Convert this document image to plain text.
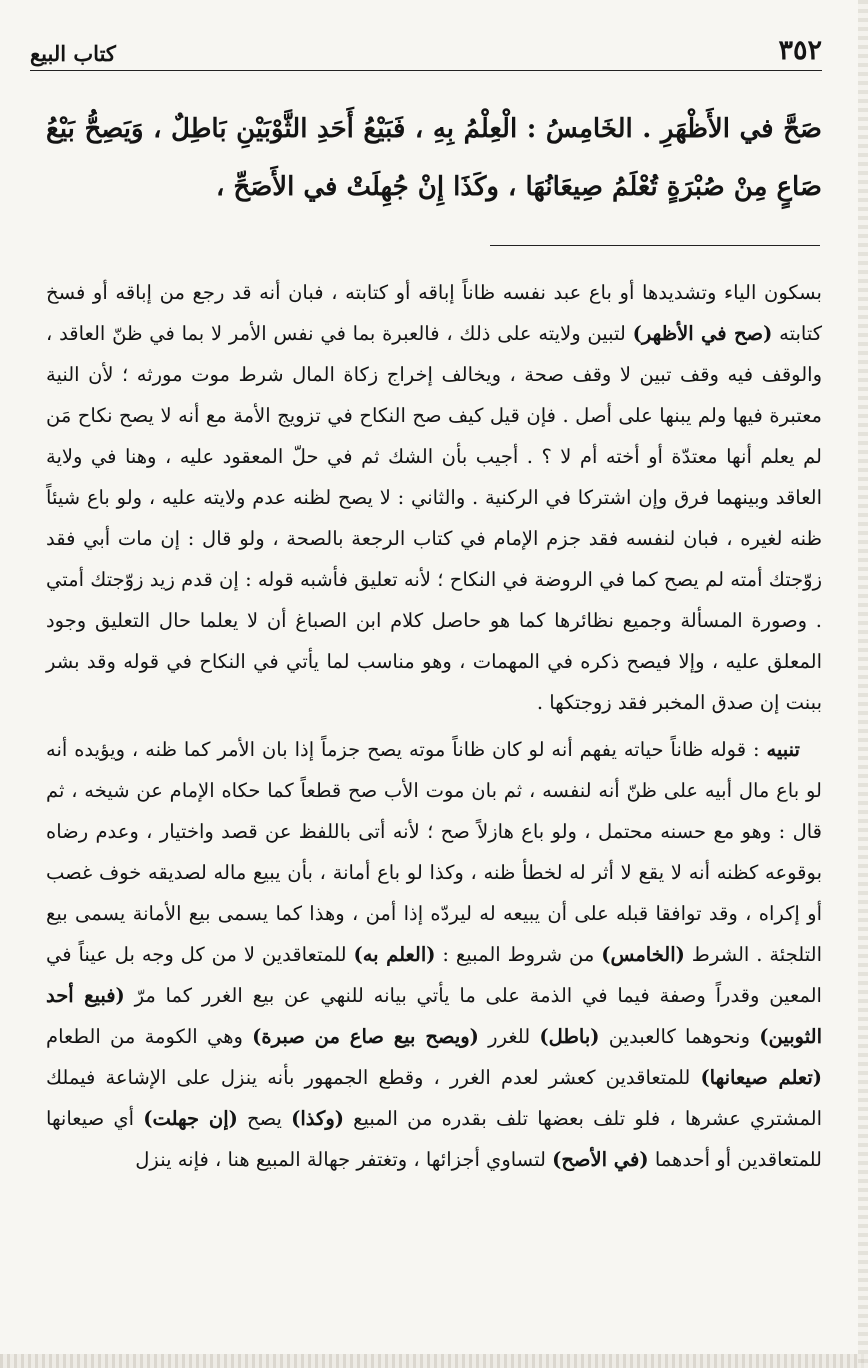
٣٥٢
كتاب البيع

صَحَّ في الأَظْهَرِ . الخَامِسُ : الْعِلْمُ بِهِ ، فَبَيْعُ أَحَدِ الثَّوْبَيْنِ بَاطِلٌ ، وَيَصِحُّ بَيْعُ صَاعٍ مِنْ صُبْرَةٍ تُعْلَمُ صِيعَانُهَا ، وكَذَا إِنْ جُهِلَتْ في الأَصَحِّ ،

بسكون الياء وتشديدها أو باع عبد نفسه ظاناً إباقه أو كتابته ، فبان أنه قد رجع من إباقه أو فسخ كتابته (صح في الأظهر) لتبين ولايته على ذلك ، فالعبرة بما في نفس الأمر لا بما في ظنّ العاقد ، والوقف فيه وقف تبين لا وقف صحة ، ويخالف إخراج زكاة المال شرط موت مورثه ؛ لأن النية معتبرة فيها ولم يبنها على أصل . فإن قيل كيف صح النكاح في تزويج الأمة مع أنه لا يصح نكاح مَن لم يعلم أنها معتدّة أو أخته أم لا ؟ . أجيب بأن الشك ثم في حلّ المعقود عليه ، وهنا في ولاية العاقد وبينهما فرق وإن اشتركا في الركنية . والثاني : لا يصح لظنه عدم ولايته عليه ، ولو باع شيئاً ظنه لغيره ، فبان لنفسه فقد جزم الإمام في كتاب الرجعة بالصحة ، ولو قال : إن مات أبي فقد زوّجتك أمته لم يصح كما في الروضة في النكاح ؛ لأنه تعليق فأشبه قوله : إن قدم زيد زوّجتك أمتي . وصورة المسألة وجميع نظائرها كما هو حاصل كلام ابن الصباغ أن لا يعلما حال التعليق وجود المعلق عليه ، وإلا فيصح ذكره في المهمات ، وهو مناسب لما يأتي في النكاح في قوله وقد بشر ببنت إن صدق المخبر فقد زوجتكها .

تنبيه : قوله ظاناً حياته يفهم أنه لو كان ظاناً موته يصح جزماً إذا بان الأمر كما ظنه ، ويؤيده أنه لو باع مال أبيه على ظنّ أنه لنفسه ، ثم بان موت الأب صح قطعاً كما حكاه الإمام عن شيخه ، ثم قال : وهو مع حسنه محتمل ، ولو باع هازلاً صح ؛ لأنه أتى باللفظ عن قصد واختيار ، وعدم رضاه بوقوعه كظنه أنه لا يقع لا أثر له لخطأ ظنه ، وكذا لو باع أمانة ، بأن يبيع ماله لصديقه خوف غصب أو إكراه ، وقد توافقا قبله على أن يبيعه له ليردّه إذا أمن ، وهذا كما يسمى بيع الأمانة يسمى بيع التلجئة . الشرط (الخامس) من شروط المبيع : (العلم به) للمتعاقدين لا من كل وجه بل عيناً في المعين وقدراً وصفة فيما في الذمة على ما يأتي بيانه للنهي عن بيع الغرر كما مرّ (فبيع أحد الثوبين) ونحوهما كالعبدين (باطل) للغرر (ويصح بيع صاع من صبرة) وهي الكومة من الطعام (تعلم صيعانها) للمتعاقدين كعشر لعدم الغرر ، وقطع الجمهور بأنه ينزل على الإشاعة فيملك المشتري عشرها ، فلو تلف بعضها تلف بقدره من المبيع (وكذا) يصح (إن جهلت) أي صيعانها للمتعاقدين أو أحدهما (في الأصح) لتساوي أجزائها ، وتغتفر جهالة المبيع هنا ، فإنه ينزل
